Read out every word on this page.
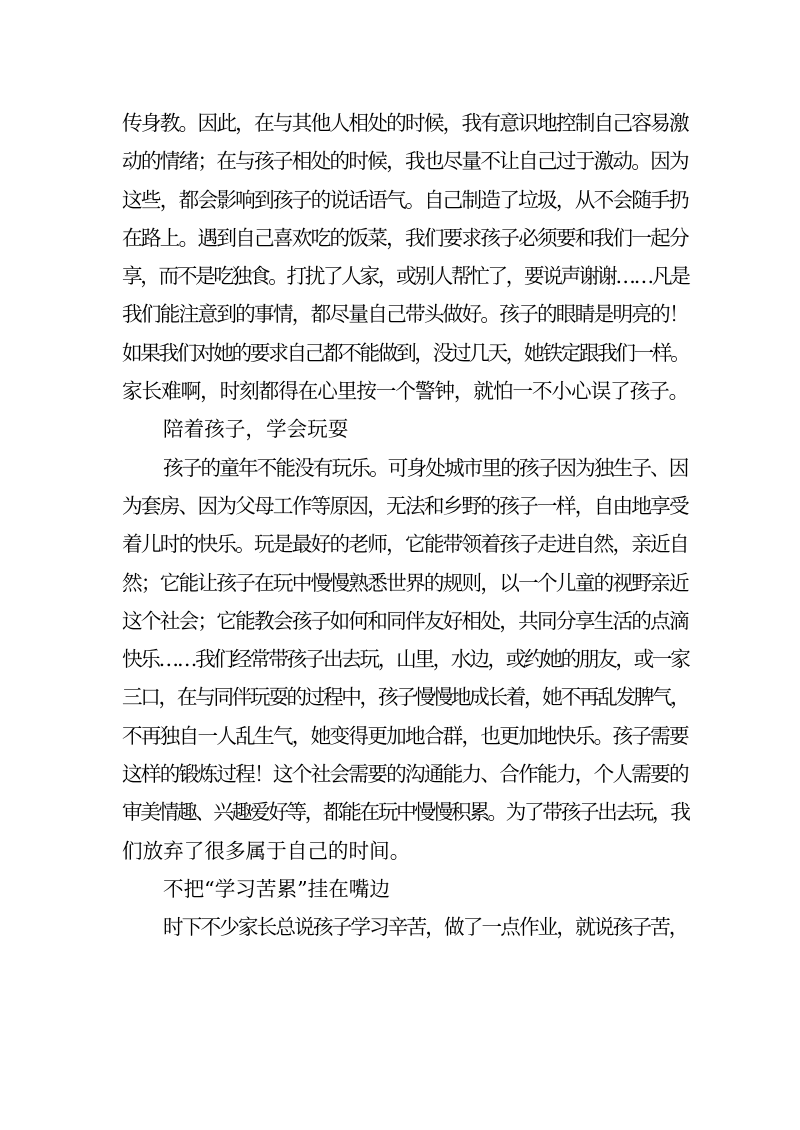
传身教。因此，在与其他人相处的时候，我有意识地控制自己容易激
动的情绪；在与孩子相处的时候，我也尽量不让自己过于激动。因为
这些，都会影响到孩子的说话语气。自己制造了垃圾，从不会随手扔
在路上。遇到自己喜欢吃的饭菜，我们要求孩子必须要和我们一起分
享，而不是吃独食。打扰了人家，或别人帮忙了，要说声谢谢……凡是
我们能注意到的事情，都尽量自己带头做好。孩子的眼睛是明亮的！
如果我们对她的要求自己都不能做到，没过几天，她铁定跟我们一样。
家长难啊，时刻都得在心里按一个警钟，就怕一不小心误了孩子。
陪着孩子，学会玩耍
孩子的童年不能没有玩乐。可身处城市里的孩子因为独生子、因
为套房、因为父母工作等原因，无法和乡野的孩子一样，自由地享受
着儿时的快乐。玩是最好的老师，它能带领着孩子走进自然，亲近自
然；它能让孩子在玩中慢慢熟悉世界的规则，以一个儿童的视野亲近
这个社会；它能教会孩子如何和同伴友好相处，共同分享生活的点滴
快乐……我们经常带孩子出去玩，山里，水边，或约她的朋友，或一家
三口，在与同伴玩耍的过程中，孩子慢慢地成长着，她不再乱发脾气，
不再独自一人乱生气，她变得更加地合群，也更加地快乐。孩子需要
这样的锻炼过程！这个社会需要的沟通能力、合作能力，个人需要的
审美情趣、兴趣爱好等，都能在玩中慢慢积累。为了带孩子出去玩，我
们放弃了很多属于自己的时间。
不把“学习苦累”挂在嘴边
时下不少家长总说孩子学习辛苦，做了一点作业，就说孩子苦，
